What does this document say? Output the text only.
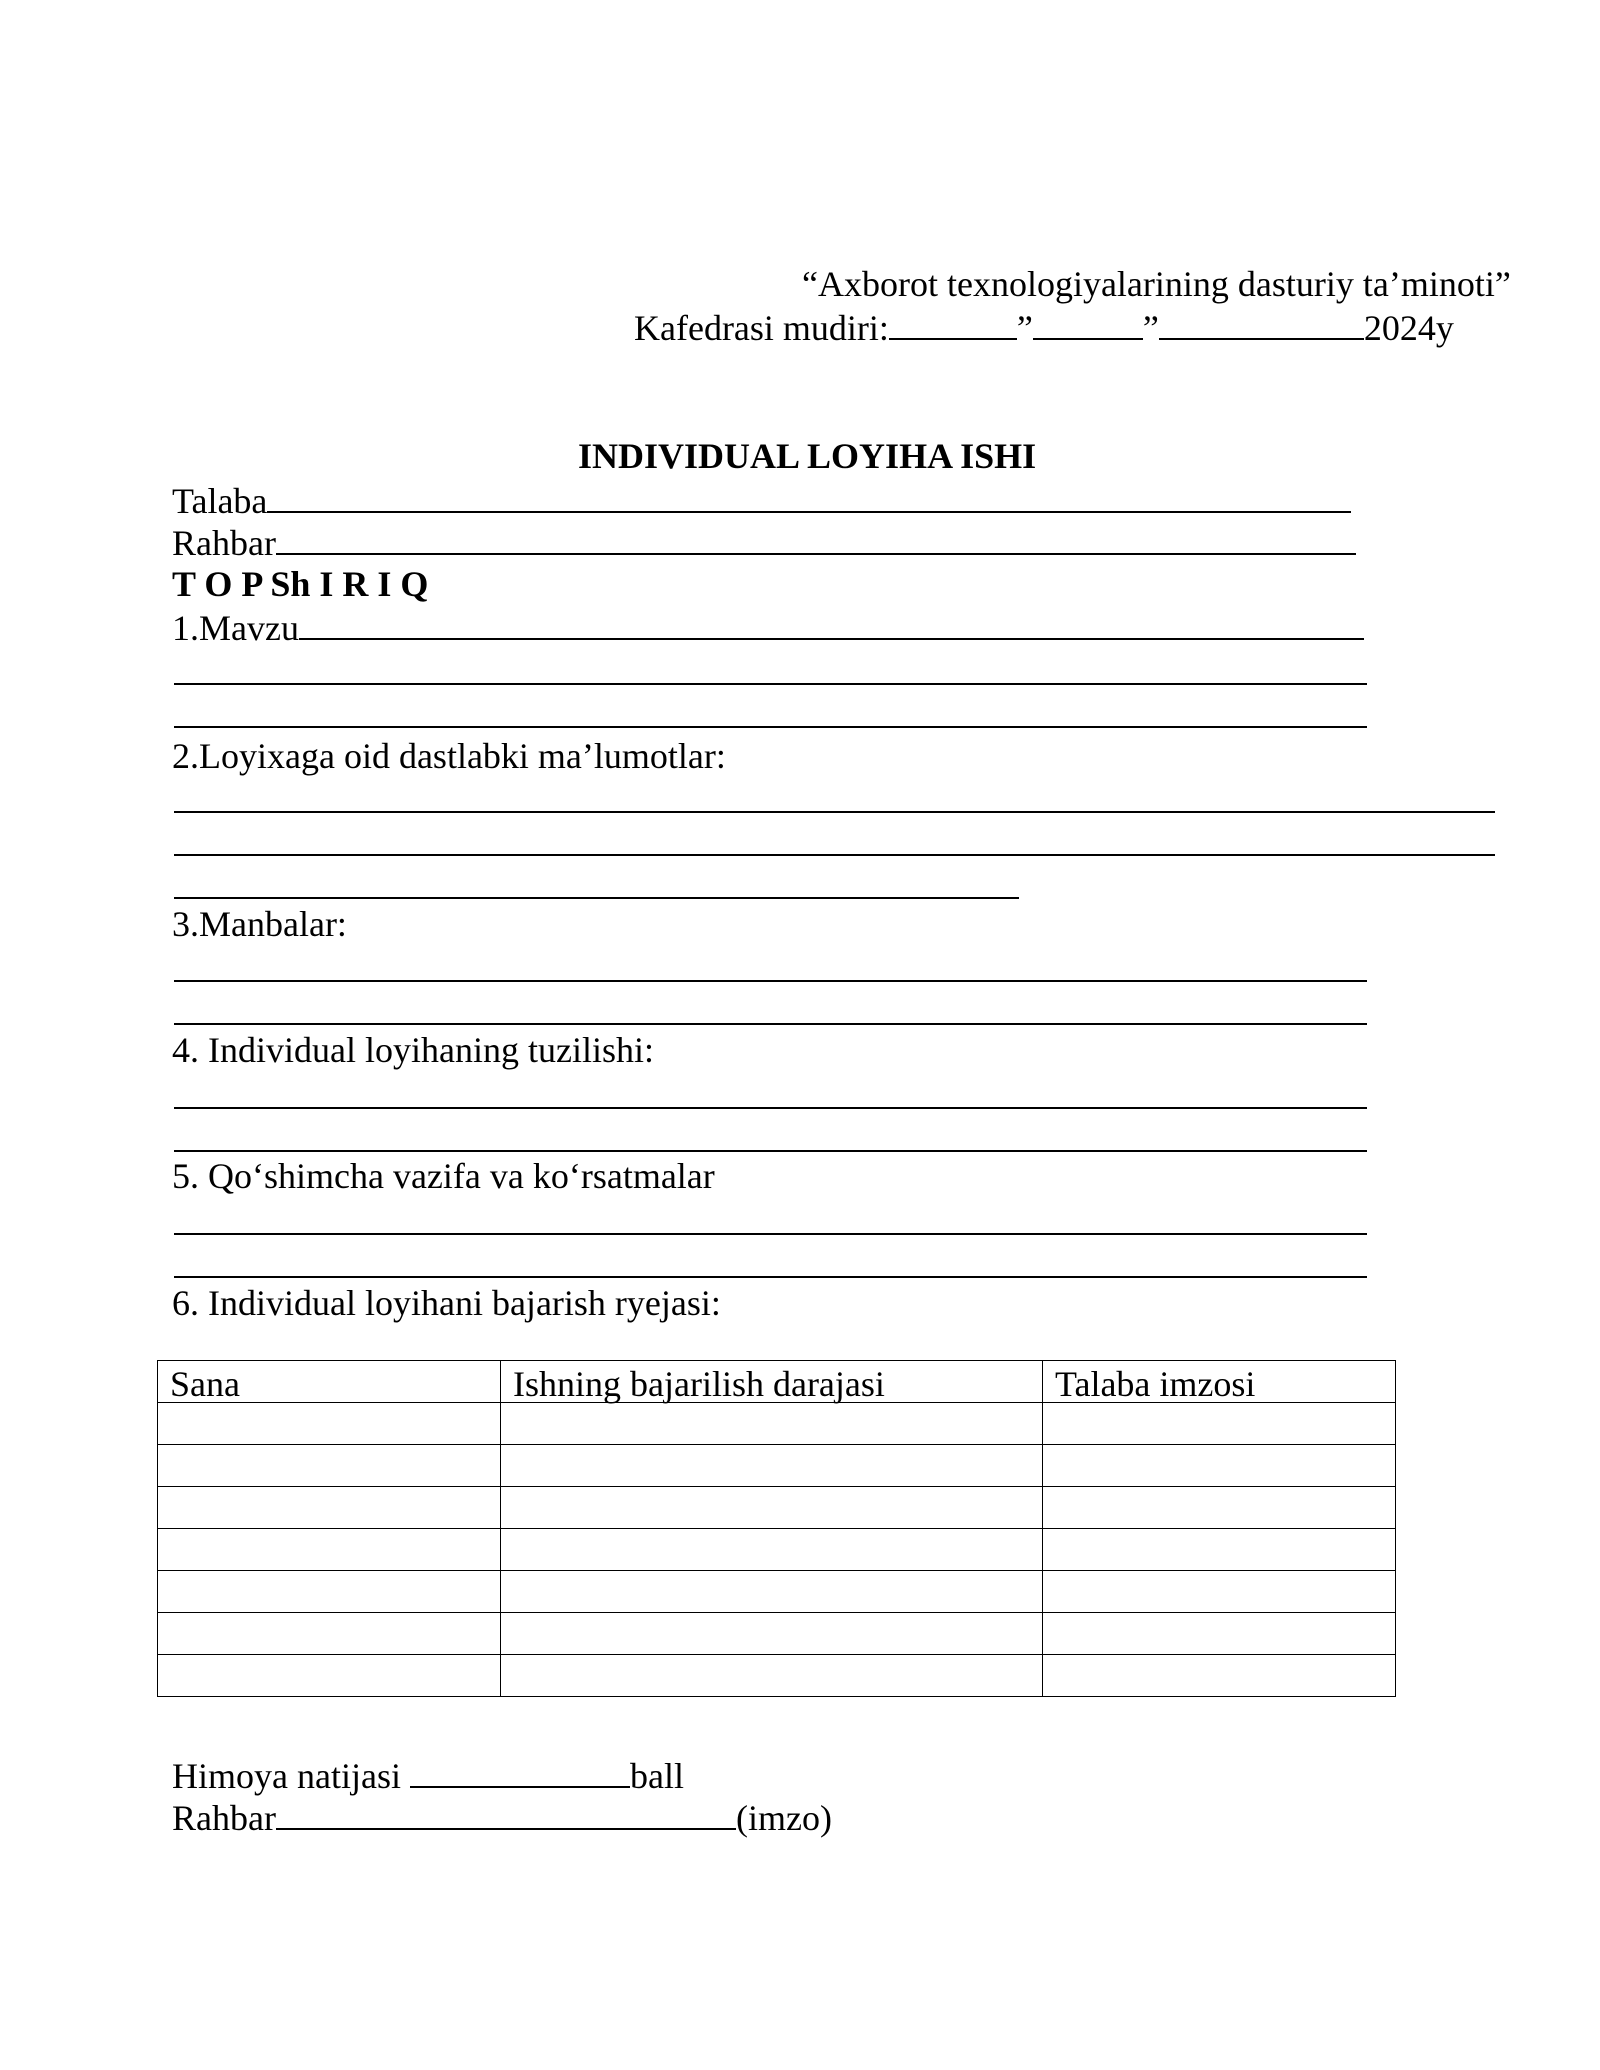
“Axborot texnologiyalarining dasturiy ta’minoti”
Kafedrasi mudiri:	”	”	2024y
INDIVIDUAL LOYIHA ISHI
Talaba
Rahbar
T O P Sh I R I Q
1.Mavzu
2.Loyixaga oid dastlabki ma’lumotlar:
3.Manbalar:
4. Individual loyihaning tuzilishi:
5. Qo‘shimcha vazifa va ko‘rsatmalar
6. Individual loyihani bajarish ryejasi:
Sana	Ishning bajarilish darajasi	Talaba imzosi

Himoya natijasi	ball
Rahbar	(imzo)
